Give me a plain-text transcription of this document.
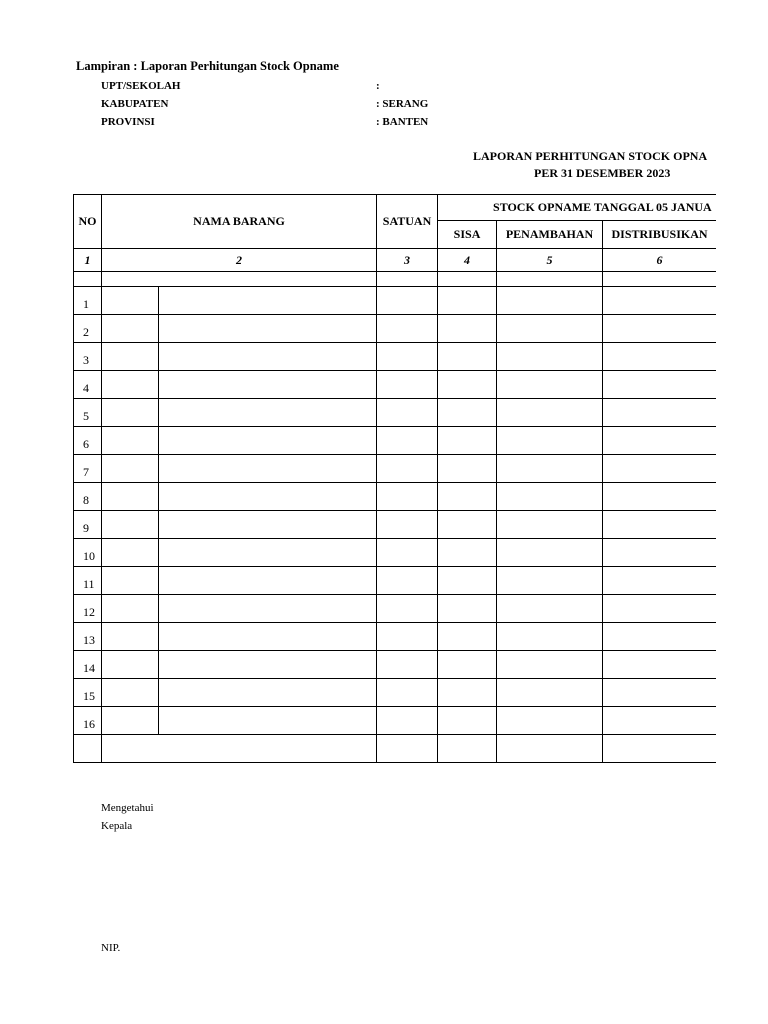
Lampiran : Laporan Perhitungan Stock Opname
UPT/SEKOLAH	:
KABUPATEN	: SERANG
PROVINSI	: BANTEN
LAPORAN PERHITUNGAN STOCK OPNA
PER 31 DESEMBER 2023
NO	NAMA BARANG		SATUAN	STOCK OPNAME TANGGAL 05 JANUA			
				SISA	PENAMBAHAN	DISTRIBUSIKAN	
1	2		3	4	5	6	

1							
2							
3							
4							
5							
6							
7							
8							
9							
10							
11							
12							
13							
14							
15							
16							

Mengetahui
Kepala
NIP.
